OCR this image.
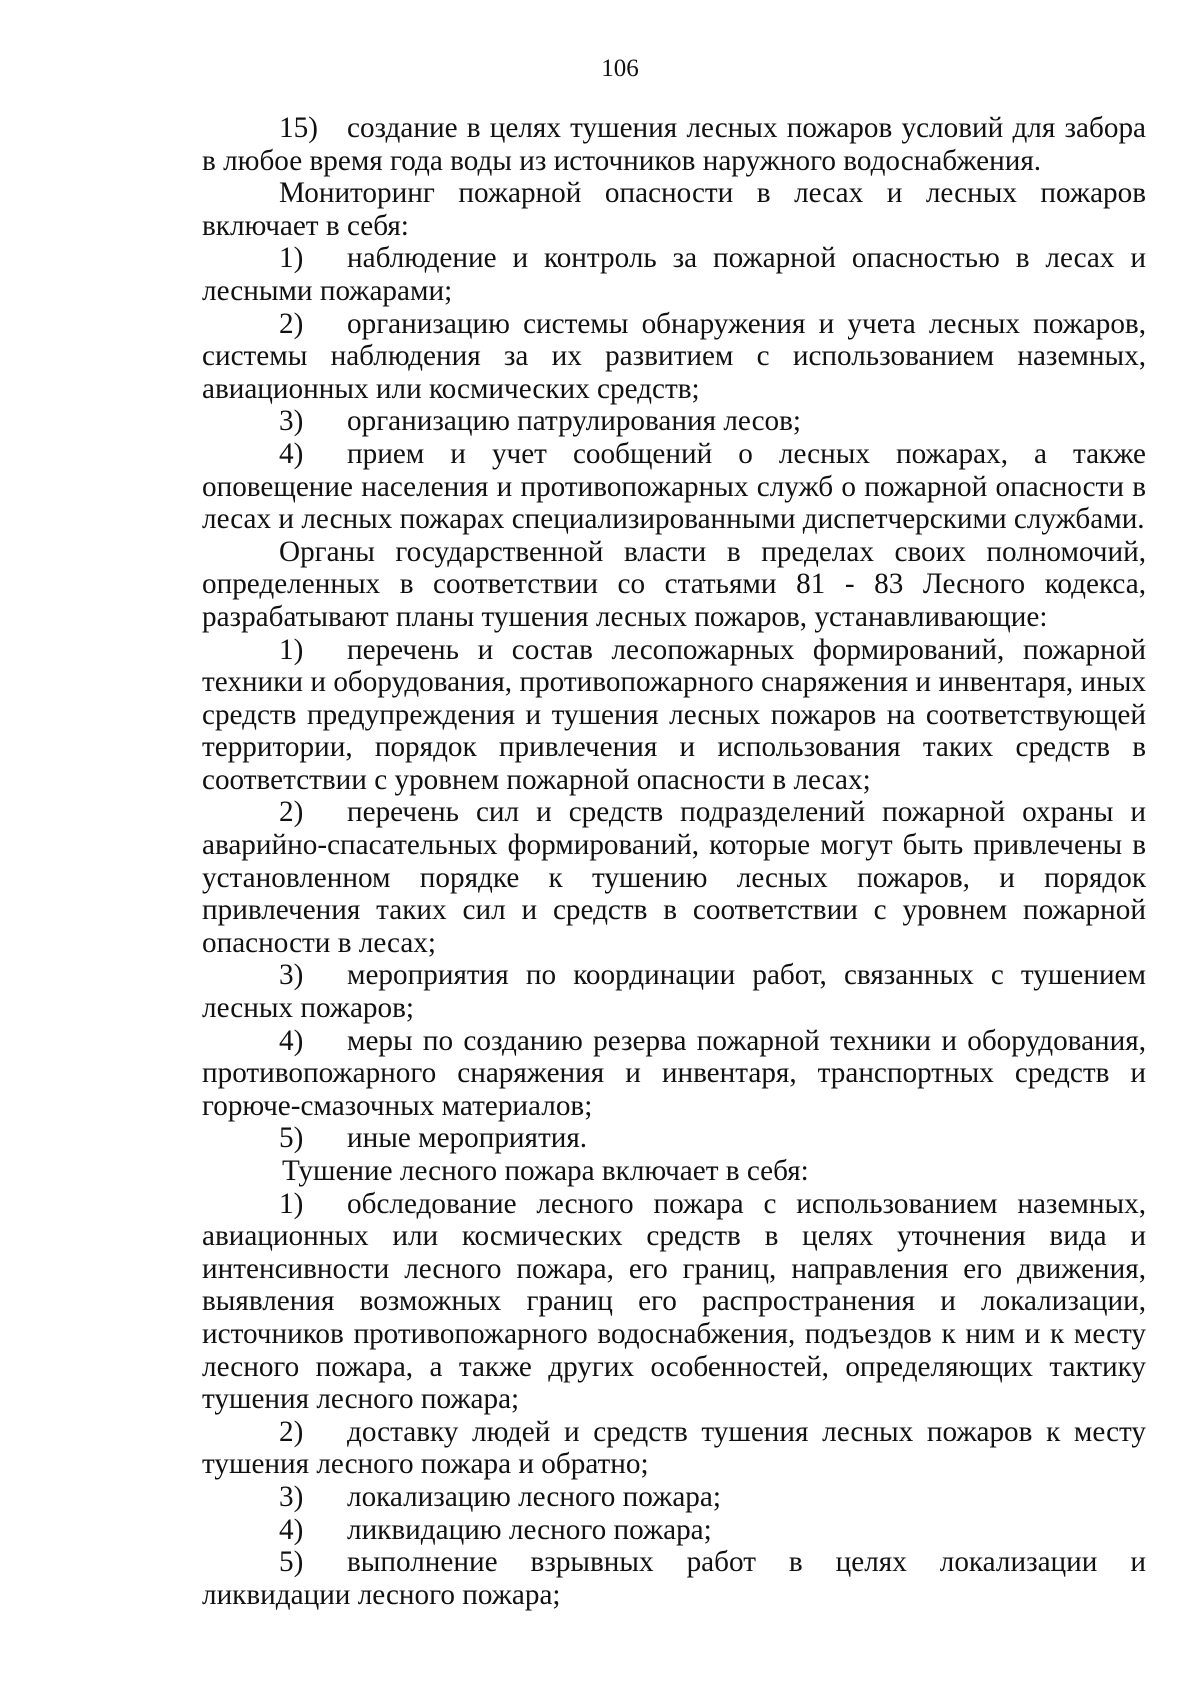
106

15) создание в целях тушения лесных пожаров условий для забора в любое время года воды из источников наружного водоснабжения.

Мониторинг пожарной опасности в лесах и лесных пожаров включает в себя:

1) наблюдение и контроль за пожарной опасностью в лесах и лесными пожарами;

2) организацию системы обнаружения и учета лесных пожаров, системы наблюдения за их развитием с использованием наземных, авиационных или космических средств;

3) организацию патрулирования лесов;

4) прием и учет сообщений о лесных пожарах, а также оповещение населения и противопожарных служб о пожарной опасности в лесах и лесных пожарах специализированными диспетчерскими службами.

Органы государственной власти в пределах своих полномочий, определенных в соответствии со статьями 81 - 83 Лесного кодекса, разрабатывают планы тушения лесных пожаров, устанавливающие:

1) перечень и состав лесопожарных формирований, пожарной техники и оборудования, противопожарного снаряжения и инвентаря, иных средств предупреждения и тушения лесных пожаров на соответствующей территории, порядок привлечения и использования таких средств в соответствии с уровнем пожарной опасности в лесах;

2) перечень сил и средств подразделений пожарной охраны и аварийно-спасательных формирований, которые могут быть привлечены в установленном порядке к тушению лесных пожаров, и порядок привлечения таких сил и средств в соответствии с уровнем пожарной опасности в лесах;

3) мероприятия по координации работ, связанных с тушением лесных пожаров;

4) меры по созданию резерва пожарной техники и оборудования, противопожарного снаряжения и инвентаря, транспортных средств и горюче-смазочных материалов;

5) иные мероприятия.

Тушение лесного пожара включает в себя:

1) обследование лесного пожара с использованием наземных, авиационных или космических средств в целях уточнения вида и интенсивности лесного пожара, его границ, направления его движения, выявления возможных границ его распространения и локализации, источников противопожарного водоснабжения, подъездов к ним и к месту лесного пожара, а также других особенностей, определяющих тактику тушения лесного пожара;

2) доставку людей и средств тушения лесных пожаров к месту тушения лесного пожара и обратно;

3) локализацию лесного пожара;

4) ликвидацию лесного пожара;

5) выполнение взрывных работ в целях локализации и ликвидации лесного пожара;
